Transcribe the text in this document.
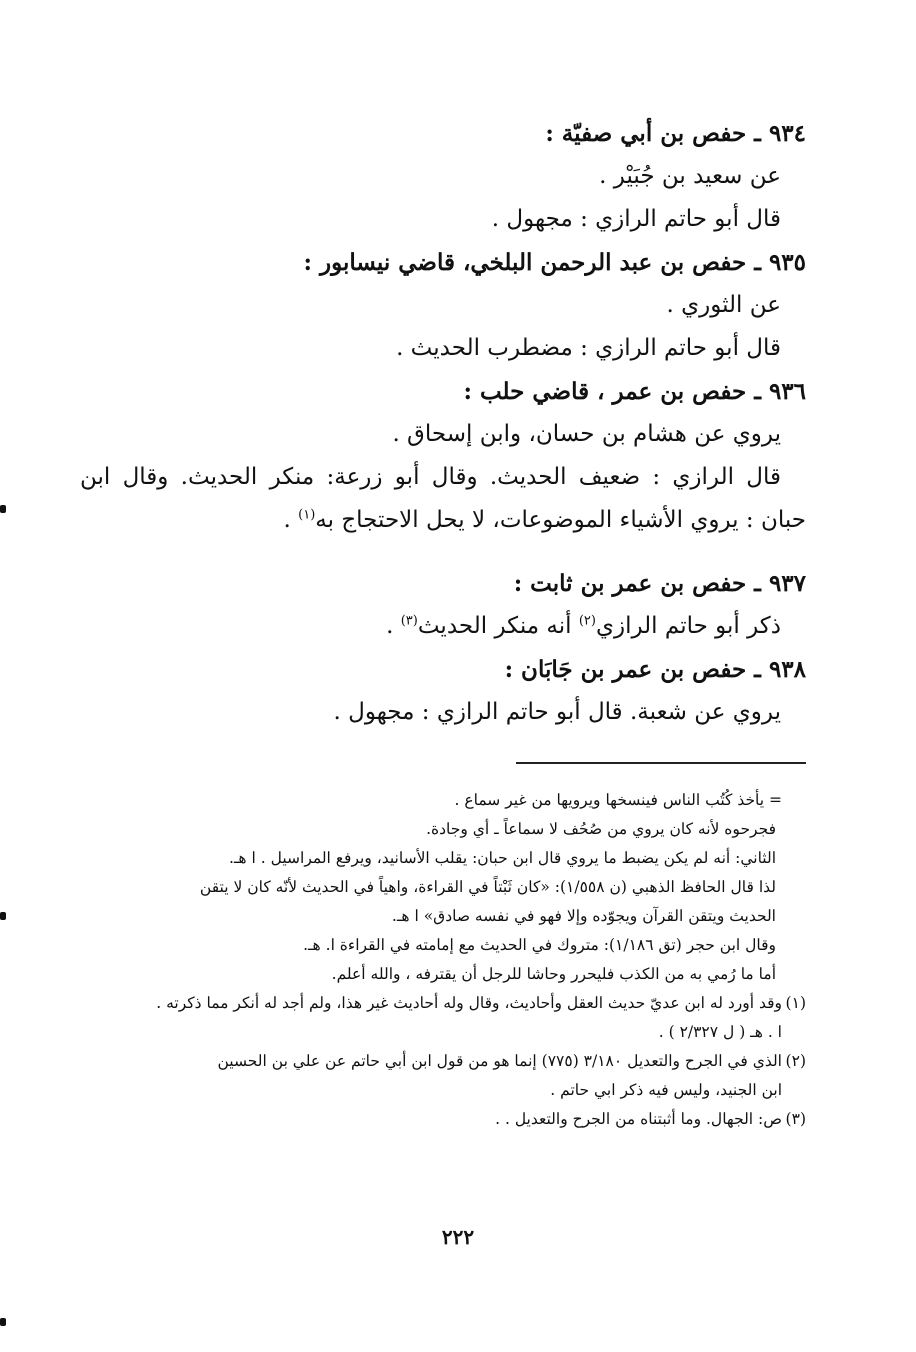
٩٣٤ ـ حفص بن أبي صفيّة :
عن سعيد بن جُبَيْر .
قال أبو حاتم الرازي : مجهول .
٩٣٥ ـ حفص بن عبد الرحمن البلخي، قاضي نيسابور :
عن الثوري .
قال أبو حاتم الرازي : مضطرب الحديث .
٩٣٦ ـ حفص بن عمر ، قاضي حلب :
يروي عن هشام بن حسان، وابن إسحاق .
قال الرازي : ضعيف الحديث. وقال أبو زرعة: منكر الحديث. وقال ابن
حبان : يروي الأشياء الموضوعات، لا يحل الاحتجاج به$^{(١)}$ .
٩٣٧ ـ حفص بن عمر بن ثابت :
ذكر أبو حاتم الرازي$^{(٢)}$ أنه منكر الحديث$^{(٣)}$ .
٩٣٨ ـ حفص بن عمر بن جَابَان :
يروي عن شعبة. قال أبو حاتم الرازي : مجهول .
= يأخذ كُتُب الناس فينسخها ويرويها من غير سماع .
فجرحوه لأنه كان يروي من صُحُف لا سماعاً ـ أي وجادة.
الثاني: أنه لم يكن يضبط ما يروي قال ابن حبان: يقلب الأسانيد، ويرفع المراسيل . ا هـ.
لذا قال الحافظ الذهبي (ن ١/٥٥٨): «كان ثَبْتاً في القراءة، واهياً في الحديث لأنّه كان لا يتقن
الحديث ويتقن القرآن ويجوّده وإلا فهو في نفسه صادق» ا هـ.
وقال ابن حجر (تق ١/١٨٦): متروك في الحديث مع إمامته في القراءة ا. هـ.
أما ما رُمي به من الكذب فليحرر وحاشا للرجل أن يقترفه ، والله أعلم.
(١)وقد أورد له ابن عديّ حديث العقل وأحاديث، وقال وله أحاديث غير هذا، ولم أجد له أنكر مما ذكرته .
ا . هـ ( ل ٢/٣٢٧ ) .
(٢)الذي في الجرح والتعديل ٣/١٨٠ (٧٧٥) إنما هو من قول ابن أبي حاتم عن علي بن الحسين
ابن الجنيد، وليس فيه ذكر ابي حاتم .
(٣)ص: الجهال. وما أثبتناه من الجرح والتعديل . .
٢٢٢
